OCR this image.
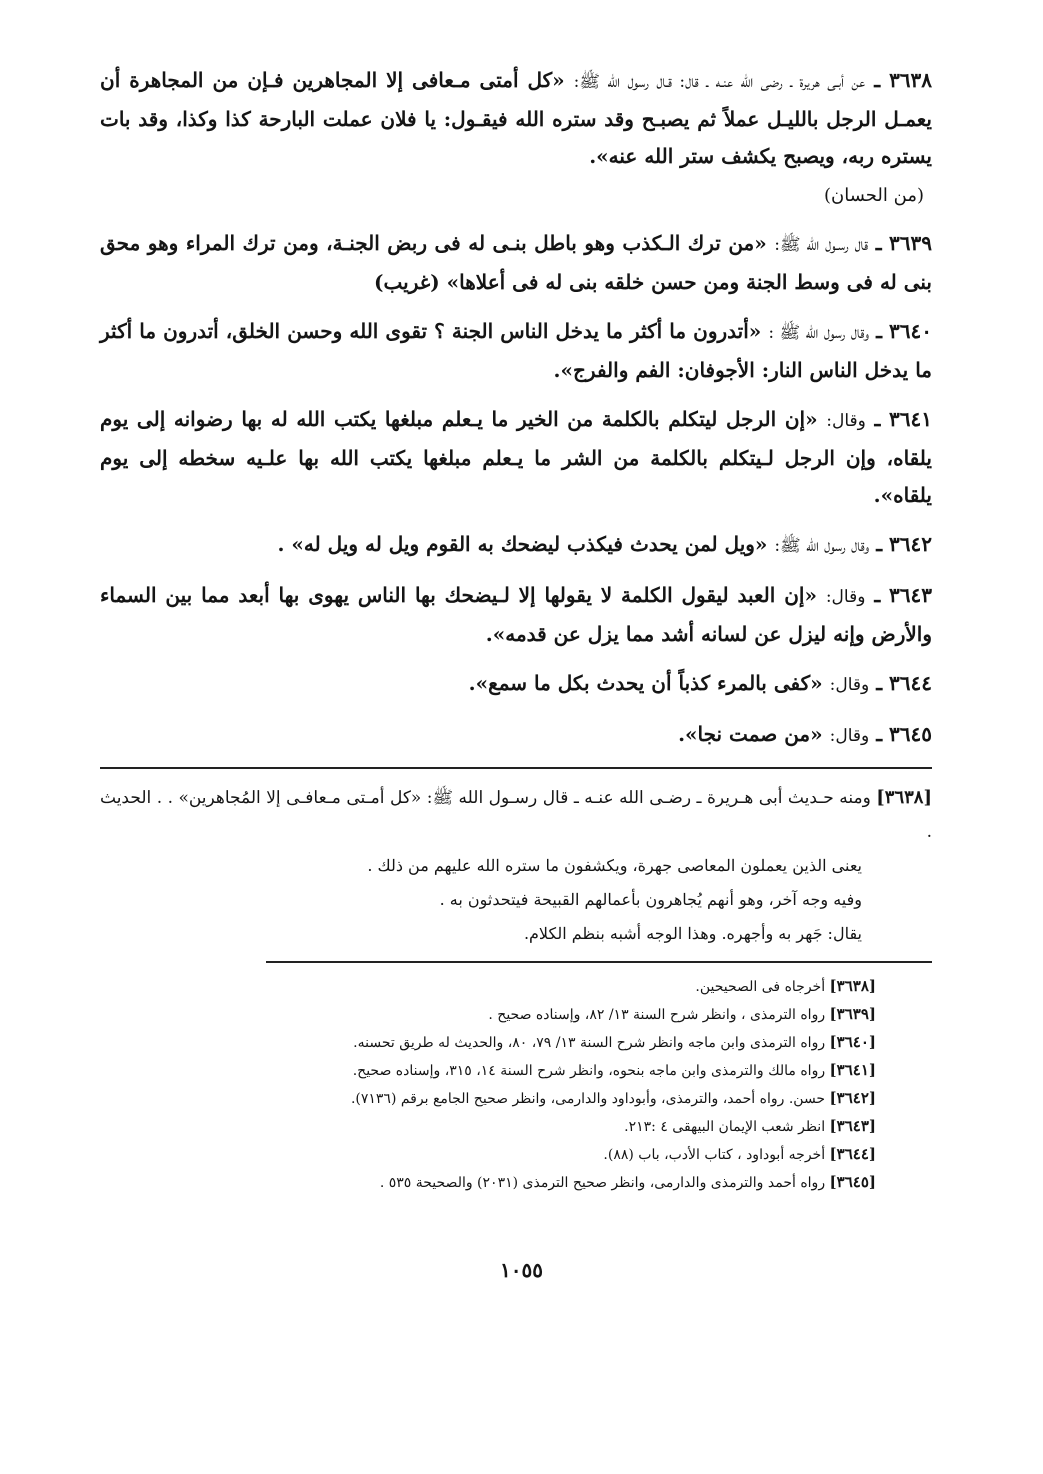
٣٦٣٨ ـ عن أبـى هريرة ـ رضى الله عنـه ـ قال: قـال رسول الله ﷺ: «كل أمتى مـعافى إلا المجاهرين فـإن من المجاهرة أن يعمـل الرجل بالليـل عملاً ثم يصبـح وقد ستره الله فيقـول: يا فلان عملت البارحة كذا وكذا، وقد بات يستره ربه، ويصبح يكشف ستر الله عنه».

(من الحسان)

٣٦٣٩ ـ قال رسـول الله ﷺ: «من ترك الـكذب وهو باطل بنـى له فى ربض الجنـة، ومن ترك المراء وهو محق بنى له فى وسط الجنة ومن حسن خلقه بنى له فى أعلاها» (غريب)

٣٦٤٠ ـ وقال رسول الله ﷺ : «أتدرون ما أكثر ما يدخل الناس الجنة ؟ تقوى الله وحسن الخلق، أتدرون ما أكثر ما يدخل الناس النار: الأجوفان: الفم والفرج».

٣٦٤١ ـ وقال: «إن الرجل ليتكلم بالكلمة من الخير ما يـعلم مبلغها يكتب الله له بها رضوانه إلى يوم يلقاه، وإن الرجل لـيتكلم بالكلمة من الشر ما يـعلم مبلغها يكتب الله بها علـيه سخطه إلى يوم يلقاه».

٣٦٤٢ ـ وقال رسول الله ﷺ: «ويل لمن يحدث فيكذب ليضحك به القوم ويل له ويل له» .

٣٦٤٣ ـ وقال: «إن العبد ليقول الكلمة لا يقولها إلا لـيضحك بها الناس يهوى بها أبعد مما بين السماء والأرض وإنه ليزل عن لسانه أشد مما يزل عن قدمه».

٣٦٤٤ ـ وقال: «كفى بالمرء كذباً أن يحدث بكل ما سمع».

٣٦٤٥ ـ وقال: «من صمت نجا».

[٣٦٣٨] ومنه حـديث أبى هـريرة ـ رضـى الله عنـه ـ قال رسـول الله ﷺ: «كل أمـتى مـعافـى إلا المُجاهرين» . . الحديث .

يعنى الذين يعملون المعاصى جهرة، ويكشفون ما ستره الله عليهم من ذلك .

وفيه وجه آخر، وهو أنهم يُجاهرون بأعمالهم القبيحة فيتحدثون به .

يقال: جَهر به وأجهره. وهذا الوجه أشبه بنظم الكلام.

[٣٦٣٨] أخرجاه فى الصحيحين.

[٣٦٣٩] رواه الترمذى ، وانظر شرح السنة ١٣/ ٨٢، وإسناده صحيح .

[٣٦٤٠] رواه الترمذى وابن ماجه وانظر شرح السنة ١٣/ ٧٩، ٨٠، والحديث له طريق تحسنه.

[٣٦٤١] رواه مالك والترمذى وابن ماجه بنحوه، وانظر شرح السنة ١٤، ٣١٥، وإسناده صحيح.

[٣٦٤٢] حسن. رواه أحمد، والترمذى، وأبوداود والدارمى، وانظر صحيح الجامع برقم (٧١٣٦).

[٣٦٤٣] انظر شعب الإيمان البيهقى ٤ :٢١٣.

[٣٦٤٤] أخرجه أبوداود ، كتاب الأدب، باب (٨٨).

[٣٦٤٥] رواه أحمد والترمذى والدارمى، وانظر صحيح الترمذى (٢٠٣١) والصحيحة ٥٣٥ .

١٠٥٥
